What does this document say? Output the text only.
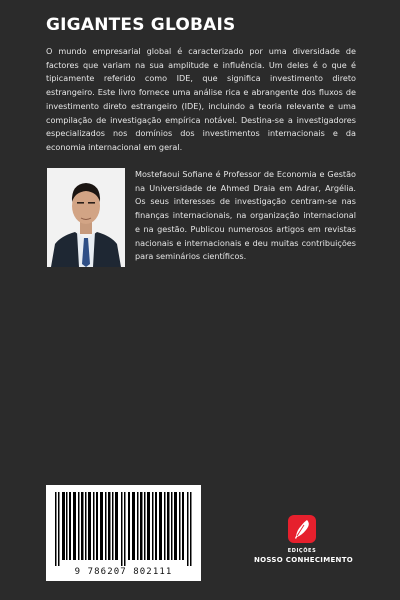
GIGANTES GLOBAIS

O mundo empresarial global é caracterizado por uma diversidade de factores que variam na sua amplitude e influência. Um deles é o que é tipicamente referido como IDE, que significa investimento direto estrangeiro. Este livro fornece uma análise rica e abrangente dos fluxos de investimento direto estrangeiro (IDE), incluindo a teoria relevante e uma compilação de investigação empírica notável. Destina-se a investigadores especializados nos domínios dos investimentos internacionais e da economia internacional em geral.

Mostefaoui Sofiane é Professor de Economia e Gestão na Universidade de Ahmed Draia em Adrar, Argélia. Os seus interesses de investigação centram-se nas finanças internacionais, na organização internacional e na gestão. Publicou numerosos artigos em revistas nacionais e internacionais e deu muitas contribuições para seminários científicos.
9 786207 802111
EDIÇÕES
NOSSO CONHECIMENTO
